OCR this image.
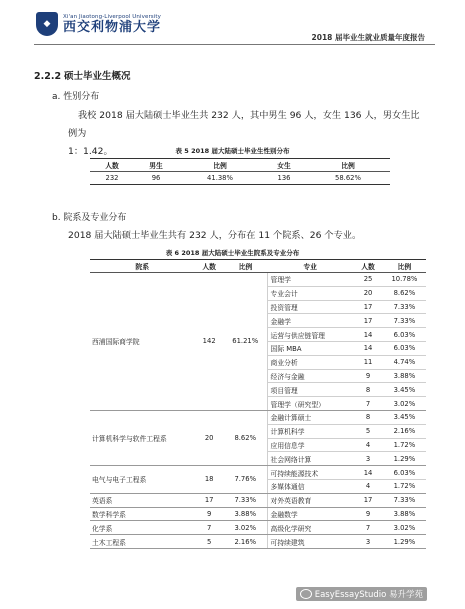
◆
Xi'an Jiaotong-Liverpool University
西交利物浦大学
2018 届毕业生就业质量年度报告
2.2.2 硕士毕业生概况
a. 性别分布
我校 2018 届大陆硕士毕业生共 232 人，其中男生 96 人，女生 136 人，男女生比例为
1：1.42。	表 5 2018 届大陆硕士毕业生性别分布
人数	男生	比例	女生	比例
232	96	41.38%	136	58.62%
b. 院系及专业分布
2018 届大陆硕士毕业生共有 232 人，分布在 11 个院系、26 个专业。
表 6 2018 届大陆硕士毕业生院系及专业分布
院系	人数	比例	专业	人数	比例
西浦国际商学院	142	61.21%	管理学	25	10.78%
			专业会计	20	8.62%
			投资管理	17	7.33%
			金融学	17	7.33%
			运营与供应链管理	14	6.03%
			国际 MBA	14	6.03%
			商业分析	11	4.74%
			经济与金融	9	3.88%
			项目管理	8	3.45%
			管理学（研究型）	7	3.02%
计算机科学与软件工程系	20	8.62%	金融计算硕士	8	3.45%
			计算机科学	5	2.16%
			应用信息学	4	1.72%
			社会网络计算	3	1.29%
电气与电子工程系	18	7.76%	可持续能源技术	14	6.03%
			多媒体通信	4	1.72%
英语系	17	7.33%	对外英语教育	17	7.33%
数学科学系	9	3.88%	金融数学	9	3.88%
化学系	7	3.02%	高级化学研究	7	3.02%
土木工程系	5	2.16%	可持续建筑	3	1.29%
EasyEssayStudio 易升学苑
